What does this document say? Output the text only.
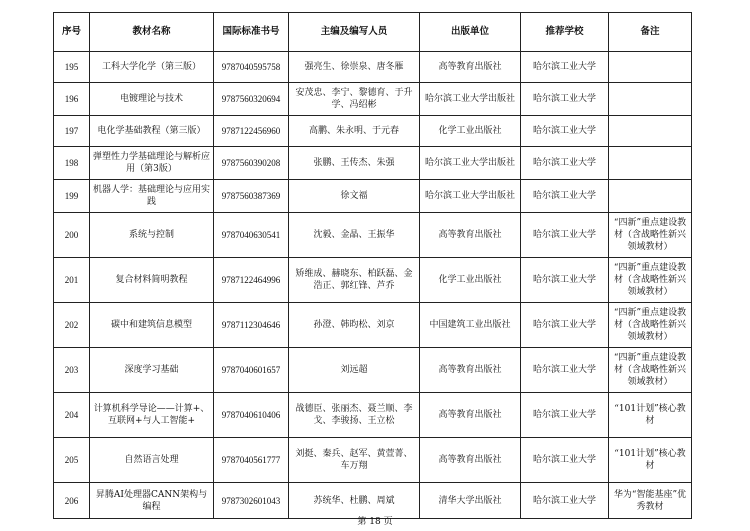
序号	教材名称	国际标准书号	主编及编写人员	出版单位	推荐学校	备注
195	工科大学化学（第三版）	9787040595758	强亮生、徐崇泉、唐冬雁	高等教育出版社	哈尔滨工业大学	
196	电镀理论与技术	9787560320694	安茂忠、李宁、黎德育、于升学、冯绍彬	哈尔滨工业大学出版社	哈尔滨工业大学	
197	电化学基础教程（第三版）	9787122456960	高鹏、朱永明、于元春	化学工业出版社	哈尔滨工业大学	
198	弹塑性力学基础理论与解析应用（第3版）	9787560390208	张鹏、王传杰、朱强	哈尔滨工业大学出版社	哈尔滨工业大学	
199	机器人学：基础理论与应用实践	9787560387369	徐文福	哈尔滨工业大学出版社	哈尔滨工业大学	
200	系统与控制	9787040630541	沈毅、金晶、王振华	高等教育出版社	哈尔滨工业大学	“四新”重点建设教材（含战略性新兴领域教材）
201	复合材料简明教程	9787122464996	矫维成、赫晓东、柏跃磊、金浩正、郭红锋、芦乔	化学工业出版社	哈尔滨工业大学	“四新”重点建设教材（含战略性新兴领域教材）
202	碳中和建筑信息模型	9787112304646	孙澄、韩昀松、刘京	中国建筑工业出版社	哈尔滨工业大学	“四新”重点建设教材（含战略性新兴领域教材）
203	深度学习基础	9787040601657	刘远超	高等教育出版社	哈尔滨工业大学	“四新”重点建设教材（含战略性新兴领域教材）
204	计算机科学导论——计算+、互联网+与人工智能+	9787040610406	战德臣、张丽杰、聂兰顺、李戈、李骏扬、王立松	高等教育出版社	哈尔滨工业大学	“101计划”核心教材
205	自然语言处理	9787040561777	刘挺、秦兵、赵军、黄萱菁、车万翔	高等教育出版社	哈尔滨工业大学	“101计划”核心教材
206	昇腾AI处理器CANN架构与编程	9787302601043	苏统华、杜鹏、周斌	清华大学出版社	哈尔滨工业大学	华为“智能基座”优秀教材
第 18 页
